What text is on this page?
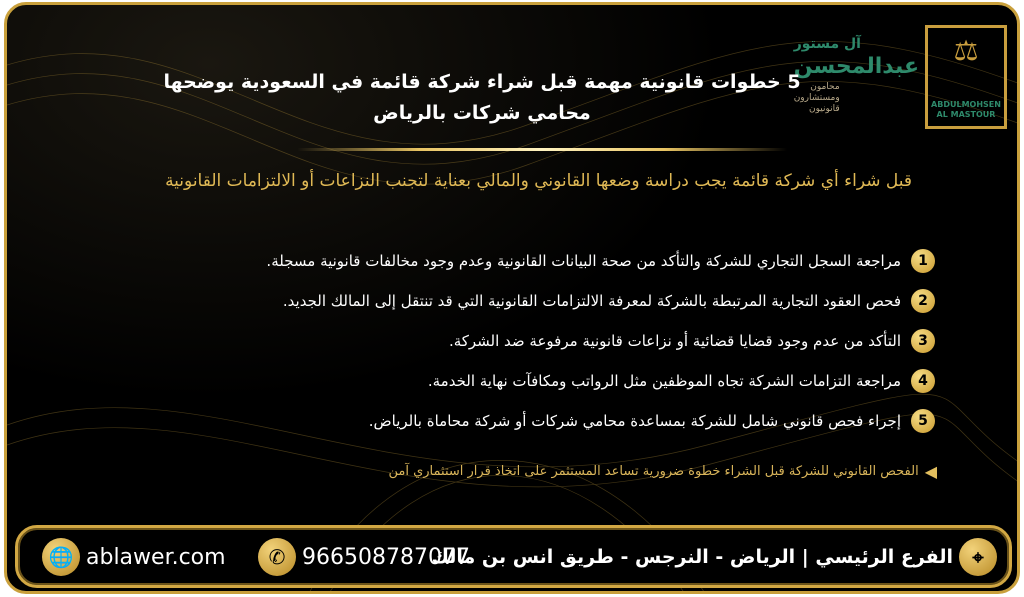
آل مستور
عبدالمحسن
محامون
ومستشارون
قانونيون
⚖
ABDULMOHSEN
AL MASTOUR
5 خطوات قانونية مهمة قبل شراء شركة قائمة في السعودية يوضحها
محامي شركات بالرياض
قبل شراء أي شركة قائمة يجب دراسة وضعها القانوني والمالي بعناية لتجنب النزاعات أو الالتزامات القانونية
1
مراجعة السجل التجاري للشركة والتأكد من صحة البيانات القانونية وعدم وجود مخالفات قانونية مسجلة.
2
فحص العقود التجارية المرتبطة بالشركة لمعرفة الالتزامات القانونية التي قد تنتقل إلى المالك الجديد.
3
التأكد من عدم وجود قضايا قضائية أو نزاعات قانونية مرفوعة ضد الشركة.
4
مراجعة التزامات الشركة تجاه الموظفين مثل الرواتب ومكافآت نهاية الخدمة.
5
إجراء فحص قانوني شامل للشركة بمساعدة محامي شركات أو شركة محاماة بالرياض.
◀
الفحص القانوني للشركة قبل الشراء خطوة ضرورية تساعد المستثمر على اتخاذ قرار استثماري آمن
🌐 ablawer.com	✆ 966508787077	⌖
الفرع الرئيسي | الرياض - النرجس - طريق انس بن مالك
